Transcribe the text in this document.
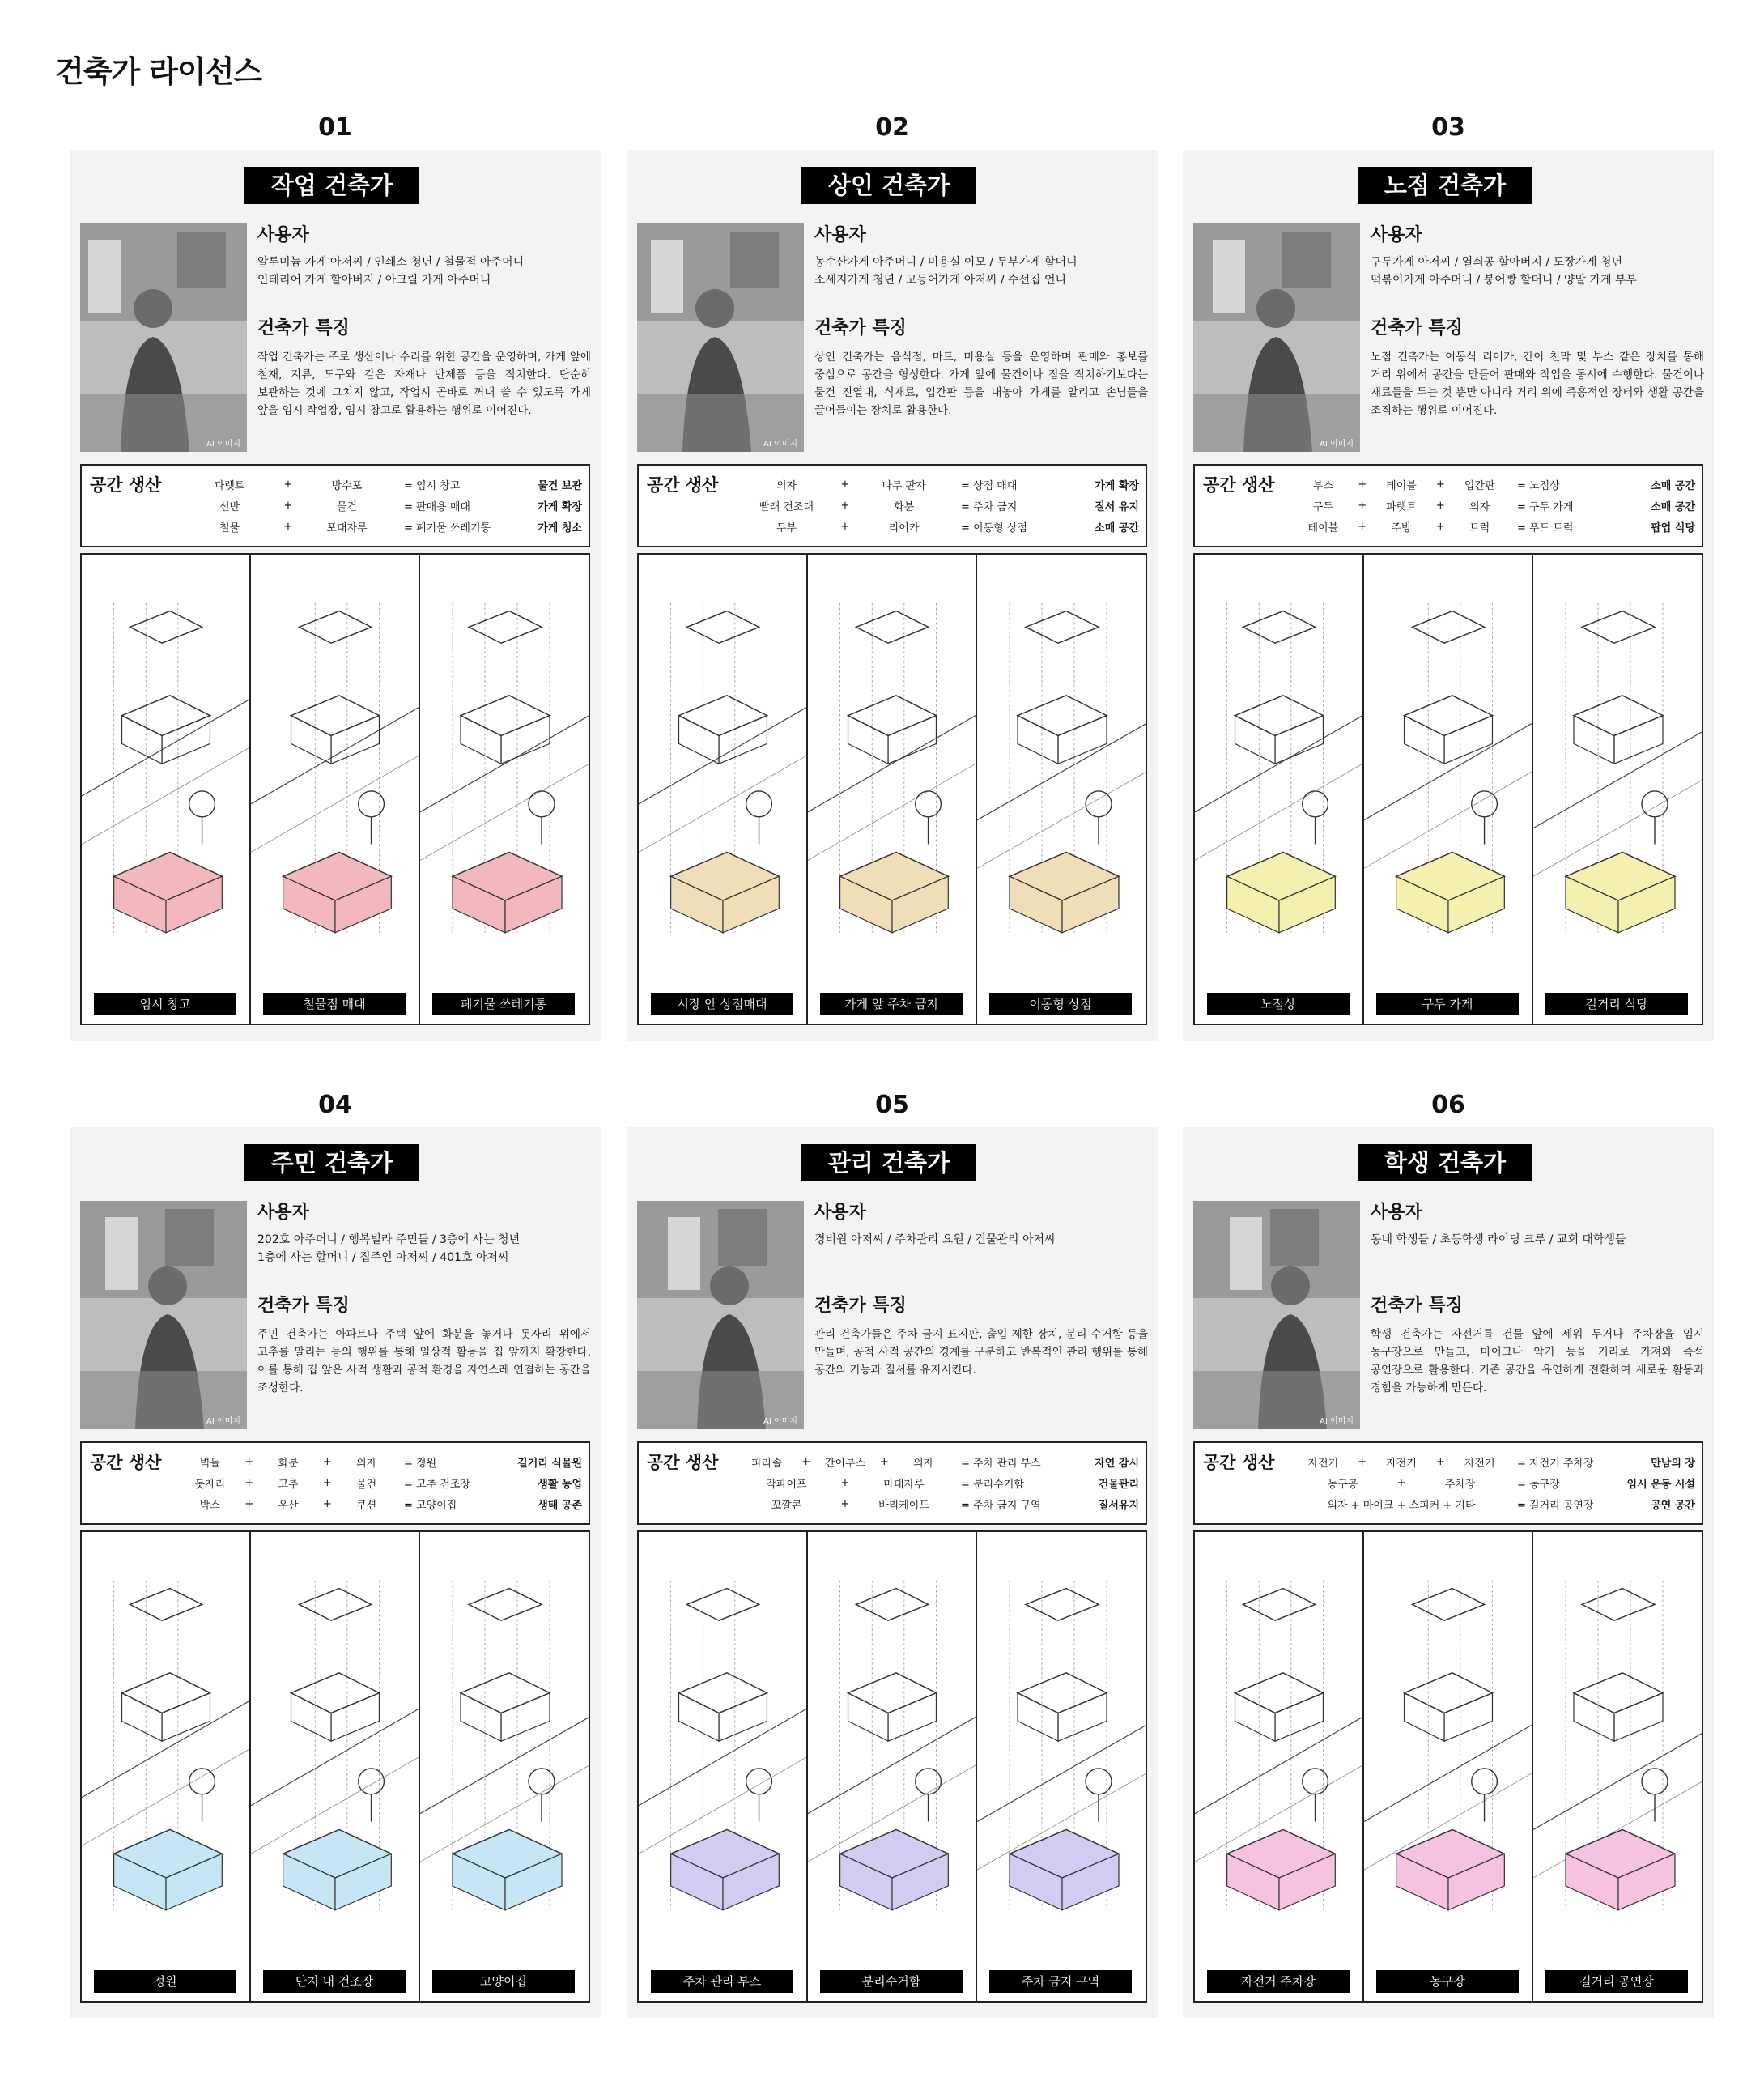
건축가 라이선스
01
작업 건축가
AI 이미지
사용자
알루미늄 가게 아저씨 / 인쇄소 청년 / 철물점 아주머니
인테리어 가게 할아버지 / 아크릴 가게 아주머니
건축가 특징
작업 건축가는 주로 생산이나 수리를 위한 공간을 운영하며, 가게 앞에 철재, 지류, 도구와 같은 자재나 반제품 등을 적치한다. 단순히 보관하는 것에 그치지 않고, 작업시 곧바로 꺼내 쓸 수 있도록 가게 앞을 임시 작업장, 임시 창고로 활용하는 행위로 이어진다.
공간 생산	파렛트	+	방수포	= 임시 창고	물건 보관
선반	+	물건	= 판매용 매대	가게 확장
철물	+	포대자루	= 폐기물 쓰레기통	가게 청소
임시 창고	철물점 매대	폐기물 쓰레기통
02
상인 건축가
AI 이미지
사용자
농수산가게 아주머니 / 미용실 이모 / 두부가게 할머니
소세지가게 청년 / 고등어가게 아저씨 / 수선집 언니
건축가 특징
상인 건축가는 음식점, 마트, 미용실 등을 운영하며 판매와 홍보를 중심으로 공간을 형성한다. 가게 앞에 물건이나 짐을 적치하기보다는 물건 진열대, 식재료, 입간판 등을 내놓아 가게를 알리고 손님들을 끌어들이는 장치로 활용한다.
공간 생산	의자	+	나무 판자	= 상점 매대	가게 확장
빨래 건조대	+	화분	= 주차 금지	질서 유지
두부	+	리어카	= 이동형 상점	소매 공간
시장 안 상점매대	가게 앞 주차 금지	이동형 상점
03
노점 건축가
AI 이미지
사용자
구두가게 아저씨 / 열쇠공 할아버지 / 도장가게 청년
떡볶이가게 아주머니 / 붕어빵 할머니 / 양말 가게 부부
건축가 특징
노점 건축가는 이동식 리어카, 간이 천막 및 부스 같은 장치를 통해 거리 위에서 공간을 만들어 판매와 작업을 동시에 수행한다. 물건이나 재료들을 두는 것 뿐만 아니라 거리 위에 즉흥적인 장터와 생활 공간을 조직하는 행위로 이어진다.
공간 생산	부스	+	테이블	+	입간판	= 노점상	소매 공간
구두	+	파렛트	+	의자	= 구두 가게	소매 공간
테이블	+	주방	+	트럭	= 푸드 트럭	팝업 식당
노점상	구두 가게	길거리 식당
04
주민 건축가
AI 이미지
사용자
202호 아주머니 / 행복빌라 주민들 / 3층에 사는 청년
1층에 사는 할머니 / 집주인 아저씨 / 401호 아저씨
건축가 특징
주민 건축가는 아파트나 주택 앞에 화분을 놓거나 돗자리 위에서 고추를 말리는 등의 행위를 통해 일상적 활동을 집 앞까지 확장한다. 이를 통해 집 앞은 사적 생활과 공적 환경을 자연스레 연결하는 공간을 조성한다.
공간 생산	벽돌	+	화분	+	의자	= 정원	길거리 식물원
돗자리	+	고추	+	물건	= 고추 건조장	생활 농업
박스	+	우산	+	쿠션	= 고양이집	생태 공존
정원	단지 내 건조장	고양이집
05
관리 건축가
AI 이미지
사용자
경비원 아저씨 / 주차관리 요원 / 건물관리 아저씨
건축가 특징
관리 건축가들은 주차 금지 표지판, 출입 제한 장치, 분리 수거함 등을 만들며, 공적 사적 공간의 경계를 구분하고 반복적인 관리 행위를 통해 공간의 기능과 질서를 유지시킨다.
공간 생산	파라솔	+	간이부스	+	의자	= 주차 관리 부스	자연 감시
각파이프	+	마대자루	= 분리수거함	건물관리
꼬깔콘	+	바리케이드	= 주차 금지 구역	질서유지
주차 관리 부스	분리수거함	주차 금지 구역
06
학생 건축가
AI 이미지
사용자
동네 학생들 / 초등학생 라이딩 크루 / 교회 대학생들
건축가 특징
학생 건축가는 자전거를 건물 앞에 세워 두거나 주차장을 임시 농구장으로 만들고, 마이크나 악기 등을 거리로 가져와 즉석 공연장으로 활용한다. 기존 공간을 유연하게 전환하여 새로운 활동과 경험을 가능하게 만든다.
공간 생산	자전거	+	자전거	+	자전거	= 자전거 주차장	만남의 장
농구공	+	주차장	= 농구장	임시 운동 시설
의자 + 마이크 + 스피커 + 기타	= 길거리 공연장	공연 공간
자전거 주차장	농구장	길거리 공연장
